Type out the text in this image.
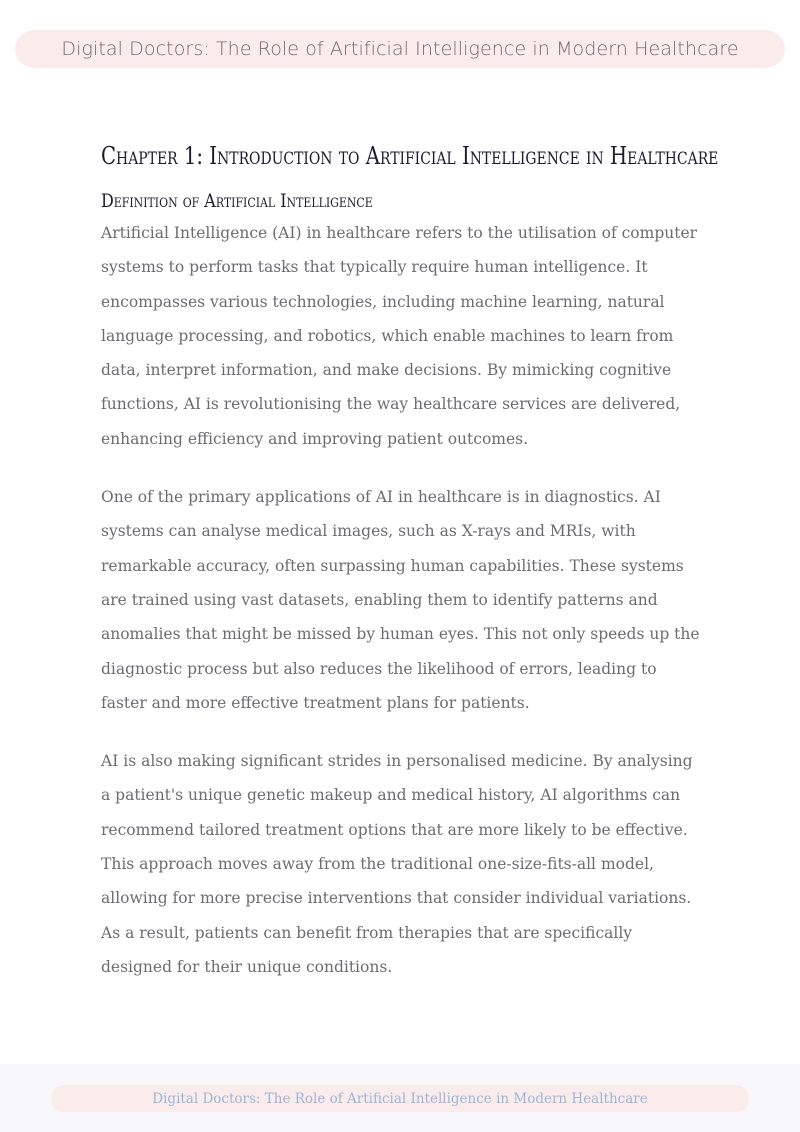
Digital Doctors: The Role of Artificial Intelligence in Modern Healthcare
Chapter 1: Introduction to Artificial Intelligence in Healthcare
Definition of Artificial Intelligence

Artificial Intelligence (AI) in healthcare refers to the utilisation of computer systems to perform tasks that typically require human intelligence. It encompasses various technologies, including machine learning, natural language processing, and robotics, which enable machines to learn from data, interpret information, and make decisions. By mimicking cognitive functions, AI is revolutionising the way healthcare services are delivered, enhancing efficiency and improving patient outcomes.

One of the primary applications of AI in healthcare is in diagnostics. AI systems can analyse medical images, such as X-rays and MRIs, with remarkable accuracy, often surpassing human capabilities. These systems are trained using vast datasets, enabling them to identify patterns and anomalies that might be missed by human eyes. This not only speeds up the diagnostic process but also reduces the likelihood of errors, leading to faster and more effective treatment plans for patients.

AI is also making significant strides in personalised medicine. By analysing a patient's unique genetic makeup and medical history, AI algorithms can recommend tailored treatment options that are more likely to be effective. This approach moves away from the traditional one-size-fits-all model, allowing for more precise interventions that consider individual variations. As a result, patients can benefit from therapies that are specifically designed for their unique conditions.

Digital Doctors: The Role of Artificial Intelligence in Modern Healthcare
